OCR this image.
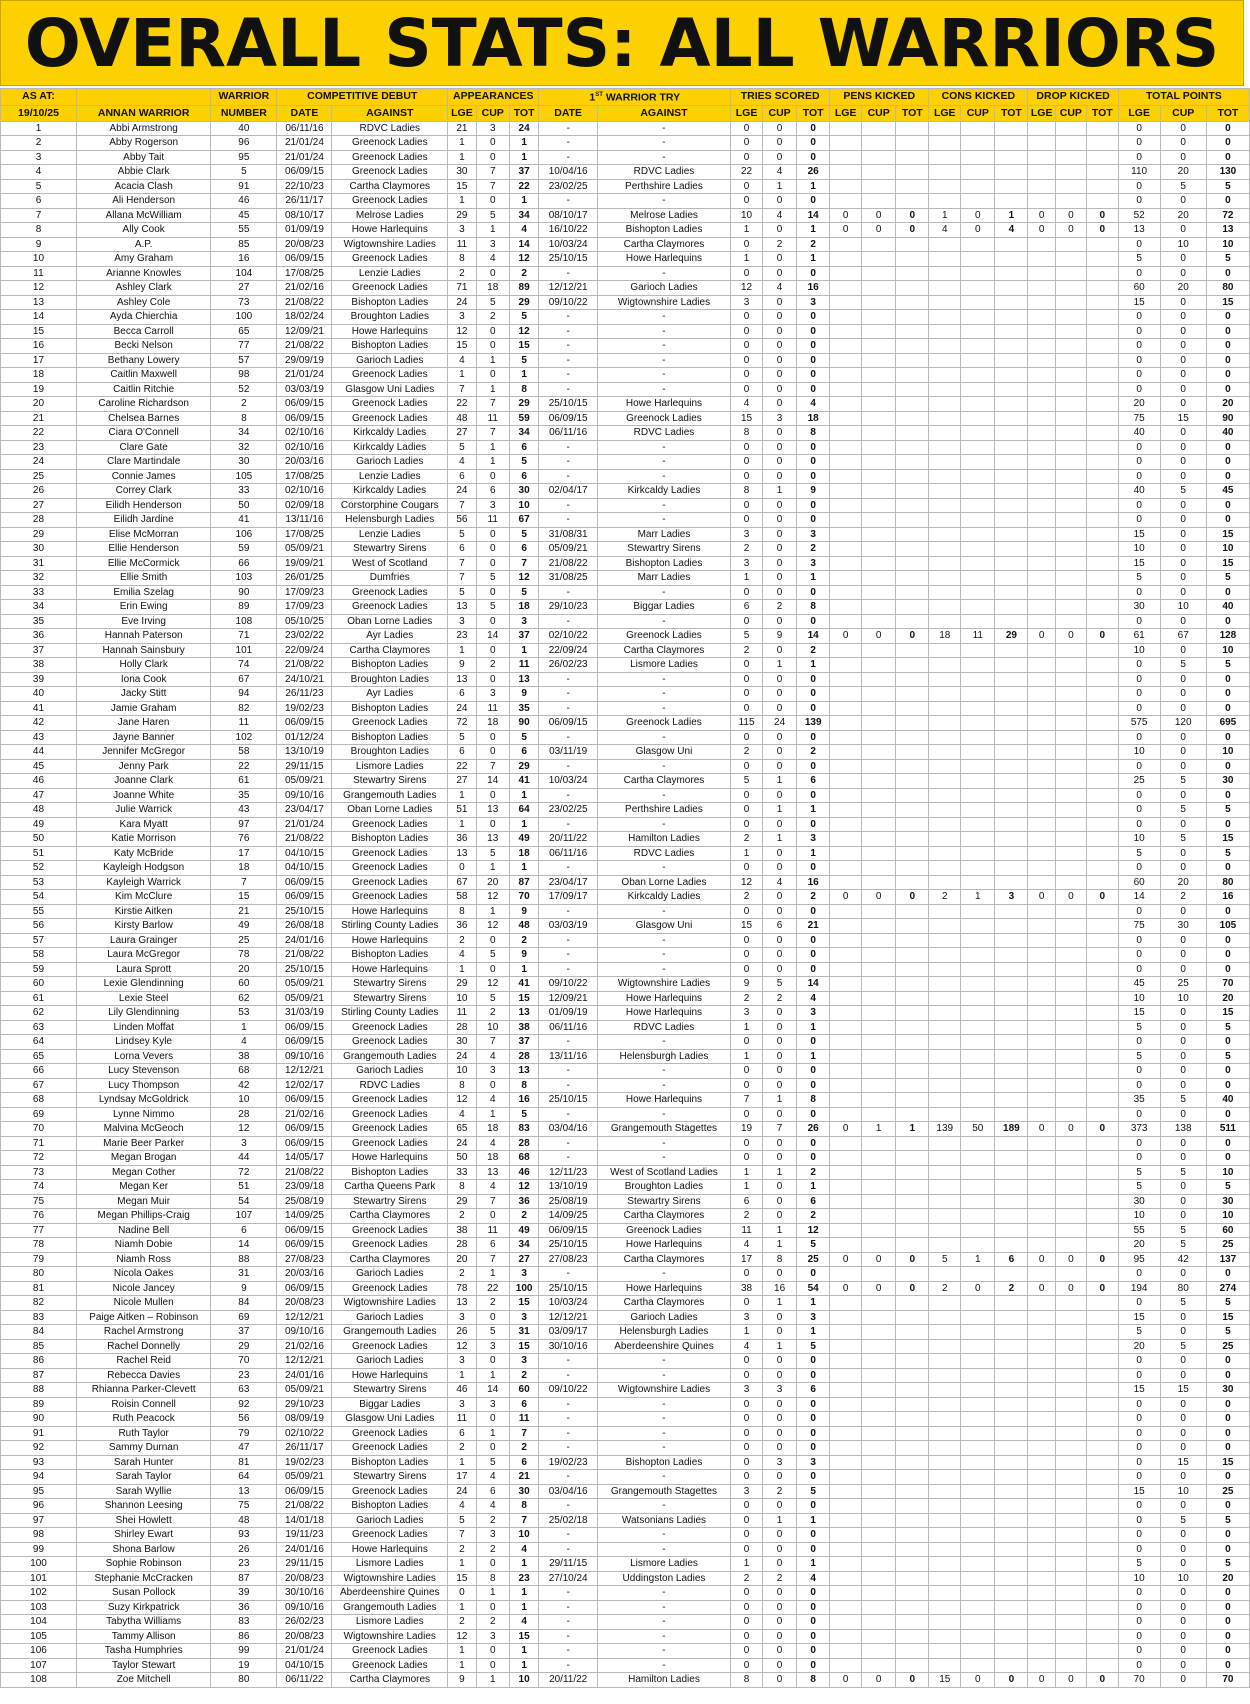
OVERALL STATS: ALL WARRIORS
AS AT:		WARRIOR	COMPETITIVE DEBUT		APPEARANCES			1ST WARRIOR TRY		TRIES SCORED			PENS KICKED			CONS KICKED			DROP KICKED			TOTAL POINTS		
19/10/25	ANNAN WARRIOR	NUMBER	DATE	AGAINST	LGE	CUP	TOT	DATE	AGAINST	LGE	CUP	TOT	LGE	CUP	TOT	LGE	CUP	TOT	LGE	CUP	TOT	LGE	CUP	TOT
1	Abbi Armstrong	40	06/11/16	RDVC Ladies	21	3	24	-	-	0	0	0										0	0	0
2	Abby Rogerson	96	21/01/24	Greenock Ladies	1	0	1	-	-	0	0	0										0	0	0
3	Abby Tait	95	21/01/24	Greenock Ladies	1	0	1	-	-	0	0	0										0	0	0
4	Abbie Clark	5	06/09/15	Greenock Ladies	30	7	37	10/04/16	RDVC Ladies	22	4	26										110	20	130
5	Acacia Clash	91	22/10/23	Cartha Claymores	15	7	22	23/02/25	Perthshire Ladies	0	1	1										0	5	5
6	Ali Henderson	46	26/11/17	Greenock Ladies	1	0	1	-	-	0	0	0										0	0	0
7	Allana McWilliam	45	08/10/17	Melrose Ladies	29	5	34	08/10/17	Melrose Ladies	10	4	14	0	0	0	1	0	1	0	0	0	52	20	72
8	Ally Cook	55	01/09/19	Howe Harlequins	3	1	4	16/10/22	Bishopton Ladies	1	0	1	0	0	0	4	0	4	0	0	0	13	0	13
9	A.P.	85	20/08/23	Wigtownshire Ladies	11	3	14	10/03/24	Cartha Claymores	0	2	2										0	10	10
10	Amy Graham	16	06/09/15	Greenock Ladies	8	4	12	25/10/15	Howe Harlequins	1	0	1										5	0	5
11	Arianne Knowles	104	17/08/25	Lenzie Ladies	2	0	2	-	-	0	0	0										0	0	0
12	Ashley Clark	27	21/02/16	Greenock Ladies	71	18	89	12/12/21	Garioch Ladies	12	4	16										60	20	80
13	Ashley Cole	73	21/08/22	Bishopton Ladies	24	5	29	09/10/22	Wigtownshire Ladies	3	0	3										15	0	15
14	Ayda Chierchia	100	18/02/24	Broughton Ladies	3	2	5	-	-	0	0	0										0	0	0
15	Becca Carroll	65	12/09/21	Howe Harlequins	12	0	12	-	-	0	0	0										0	0	0
16	Becki Nelson	77	21/08/22	Bishopton Ladies	15	0	15	-	-	0	0	0										0	0	0
17	Bethany Lowery	57	29/09/19	Garioch Ladies	4	1	5	-	-	0	0	0										0	0	0
18	Caitlin Maxwell	98	21/01/24	Greenock Ladies	1	0	1	-	-	0	0	0										0	0	0
19	Caitlin Ritchie	52	03/03/19	Glasgow Uni Ladies	7	1	8	-	-	0	0	0										0	0	0
20	Caroline Richardson	2	06/09/15	Greenock Ladies	22	7	29	25/10/15	Howe Harlequins	4	0	4										20	0	20
21	Chelsea Barnes	8	06/09/15	Greenock Ladies	48	11	59	06/09/15	Greenock Ladies	15	3	18										75	15	90
22	Ciara O'Connell	34	02/10/16	Kirkcaldy Ladies	27	7	34	06/11/16	RDVC Ladies	8	0	8										40	0	40
23	Clare Gate	32	02/10/16	Kirkcaldy Ladies	5	1	6	-	-	0	0	0										0	0	0
24	Clare Martindale	30	20/03/16	Garioch Ladies	4	1	5	-	-	0	0	0										0	0	0
25	Connie James	105	17/08/25	Lenzie Ladies	6	0	6	-	-	0	0	0										0	0	0
26	Correy Clark	33	02/10/16	Kirkcaldy Ladies	24	6	30	02/04/17	Kirkcaldy Ladies	8	1	9										40	5	45
27	Eilidh Henderson	50	02/09/18	Corstorphine Cougars	7	3	10	-	-	0	0	0										0	0	0
28	Eilidh Jardine	41	13/11/16	Helensburgh Ladies	56	11	67	-	-	0	0	0										0	0	0
29	Elise McMorran	106	17/08/25	Lenzie Ladies	5	0	5	31/08/31	Marr Ladies	3	0	3										15	0	15
30	Ellie Henderson	59	05/09/21	Stewartry Sirens	6	0	6	05/09/21	Stewartry Sirens	2	0	2										10	0	10
31	Ellie McCormick	66	19/09/21	West of Scotland	7	0	7	21/08/22	Bishopton Ladies	3	0	3										15	0	15
32	Ellie Smith	103	26/01/25	Dumfries	7	5	12	31/08/25	Marr Ladies	1	0	1										5	0	5
33	Emilia Szelag	90	17/09/23	Greenock Ladies	5	0	5	-	-	0	0	0										0	0	0
34	Erin Ewing	89	17/09/23	Greenock Ladies	13	5	18	29/10/23	Biggar Ladies	6	2	8										30	10	40
35	Eve Irving	108	05/10/25	Oban Lorne Ladies	3	0	3	-	-	0	0	0										0	0	0
36	Hannah Paterson	71	23/02/22	Ayr Ladies	23	14	37	02/10/22	Greenock Ladies	5	9	14	0	0	0	18	11	29	0	0	0	61	67	128
37	Hannah Sainsbury	101	22/09/24	Cartha Claymores	1	0	1	22/09/24	Cartha Claymores	2	0	2										10	0	10
38	Holly Clark	74	21/08/22	Bishopton Ladies	9	2	11	26/02/23	Lismore Ladies	0	1	1										0	5	5
39	Iona Cook	67	24/10/21	Broughton Ladies	13	0	13	-	-	0	0	0										0	0	0
40	Jacky Stitt	94	26/11/23	Ayr Ladies	6	3	9	-	-	0	0	0										0	0	0
41	Jamie Graham	82	19/02/23	Bishopton Ladies	24	11	35	-	-	0	0	0										0	0	0
42	Jane Haren	11	06/09/15	Greenock Ladies	72	18	90	06/09/15	Greenock Ladies	115	24	139										575	120	695
43	Jayne Banner	102	01/12/24	Bishopton Ladies	5	0	5	-	-	0	0	0										0	0	0
44	Jennifer McGregor	58	13/10/19	Broughton Ladies	6	0	6	03/11/19	Glasgow Uni	2	0	2										10	0	10
45	Jenny Park	22	29/11/15	Lismore Ladies	22	7	29	-	-	0	0	0										0	0	0
46	Joanne Clark	61	05/09/21	Stewartry Sirens	27	14	41	10/03/24	Cartha Claymores	5	1	6										25	5	30
47	Joanne White	35	09/10/16	Grangemouth Ladies	1	0	1	-	-	0	0	0										0	0	0
48	Julie Warrick	43	23/04/17	Oban Lorne Ladies	51	13	64	23/02/25	Perthshire Ladies	0	1	1										0	5	5
49	Kara Myatt	97	21/01/24	Greenock Ladies	1	0	1	-	-	0	0	0										0	0	0
50	Katie Morrison	76	21/08/22	Bishopton Ladies	36	13	49	20/11/22	Hamilton Ladies	2	1	3										10	5	15
51	Katy McBride	17	04/10/15	Greenock Ladies	13	5	18	06/11/16	RDVC Ladies	1	0	1										5	0	5
52	Kayleigh Hodgson	18	04/10/15	Greenock Ladies	0	1	1	-	-	0	0	0										0	0	0
53	Kayleigh Warrick	7	06/09/15	Greenock Ladies	67	20	87	23/04/17	Oban Lorne Ladies	12	4	16										60	20	80
54	Kim McClure	15	06/09/15	Greenock Ladies	58	12	70	17/09/17	Kirkcaldy Ladies	2	0	2	0	0	0	2	1	3	0	0	0	14	2	16
55	Kirstie Aitken	21	25/10/15	Howe Harlequins	8	1	9	-	-	0	0	0										0	0	0
56	Kirsty Barlow	49	26/08/18	Stirling County Ladies	36	12	48	03/03/19	Glasgow Uni	15	6	21										75	30	105
57	Laura Grainger	25	24/01/16	Howe Harlequins	2	0	2	-	-	0	0	0										0	0	0
58	Laura McGregor	78	21/08/22	Bishopton Ladies	4	5	9	-	-	0	0	0										0	0	0
59	Laura Sprott	20	25/10/15	Howe Harlequins	1	0	1	-	-	0	0	0										0	0	0
60	Lexie Glendinning	60	05/09/21	Stewartry Sirens	29	12	41	09/10/22	Wigtownshire Ladies	9	5	14										45	25	70
61	Lexie Steel	62	05/09/21	Stewartry Sirens	10	5	15	12/09/21	Howe Harlequins	2	2	4										10	10	20
62	Lily Glendinning	53	31/03/19	Stirling County Ladies	11	2	13	01/09/19	Howe Harlequins	3	0	3										15	0	15
63	Linden Moffat	1	06/09/15	Greenock Ladies	28	10	38	06/11/16	RDVC Ladies	1	0	1										5	0	5
64	Lindsey Kyle	4	06/09/15	Greenock Ladies	30	7	37	-	-	0	0	0										0	0	0
65	Lorna Vevers	38	09/10/16	Grangemouth Ladies	24	4	28	13/11/16	Helensburgh Ladies	1	0	1										5	0	5
66	Lucy Stevenson	68	12/12/21	Garioch Ladies	10	3	13	-	-	0	0	0										0	0	0
67	Lucy Thompson	42	12/02/17	RDVC Ladies	8	0	8	-	-	0	0	0										0	0	0
68	Lyndsay McGoldrick	10	06/09/15	Greenock Ladies	12	4	16	25/10/15	Howe Harlequins	7	1	8										35	5	40
69	Lynne Nimmo	28	21/02/16	Greenock Ladies	4	1	5	-	-	0	0	0										0	0	0
70	Malvina McGeoch	12	06/09/15	Greenock Ladies	65	18	83	03/04/16	Grangemouth Stagettes	19	7	26	0	1	1	139	50	189	0	0	0	373	138	511
71	Marie Beer Parker	3	06/09/15	Greenock Ladies	24	4	28	-	-	0	0	0										0	0	0
72	Megan Brogan	44	14/05/17	Howe Harlequins	50	18	68	-	-	0	0	0										0	0	0
73	Megan Cother	72	21/08/22	Bishopton Ladies	33	13	46	12/11/23	West of Scotland Ladies	1	1	2										5	5	10
74	Megan Ker	51	23/09/18	Cartha Queens Park	8	4	12	13/10/19	Broughton Ladies	1	0	1										5	0	5
75	Megan Muir	54	25/08/19	Stewartry Sirens	29	7	36	25/08/19	Stewartry Sirens	6	0	6										30	0	30
76	Megan Phillips-Craig	107	14/09/25	Cartha Claymores	2	0	2	14/09/25	Cartha Claymores	2	0	2										10	0	10
77	Nadine Bell	6	06/09/15	Greenock Ladies	38	11	49	06/09/15	Greenock Ladies	11	1	12										55	5	60
78	Niamh Dobie	14	06/09/15	Greenock Ladies	28	6	34	25/10/15	Howe Harlequins	4	1	5										20	5	25
79	Niamh Ross	88	27/08/23	Cartha Claymores	20	7	27	27/08/23	Cartha Claymores	17	8	25	0	0	0	5	1	6	0	0	0	95	42	137
80	Nicola Oakes	31	20/03/16	Garioch Ladies	2	1	3	-	-	0	0	0										0	0	0
81	Nicole Jancey	9	06/09/15	Greenock Ladies	78	22	100	25/10/15	Howe Harlequins	38	16	54	0	0	0	2	0	2	0	0	0	194	80	274
82	Nicole Mullen	84	20/08/23	Wigtownshire Ladies	13	2	15	10/03/24	Cartha Claymores	0	1	1										0	5	5
83	Paige Aitken – Robinson	69	12/12/21	Garioch Ladies	3	0	3	12/12/21	Garioch Ladies	3	0	3										15	0	15
84	Rachel Armstrong	37	09/10/16	Grangemouth Ladies	26	5	31	03/09/17	Helensburgh Ladies	1	0	1										5	0	5
85	Rachel Donnelly	29	21/02/16	Greenock Ladies	12	3	15	30/10/16	Aberdeenshire Quines	4	1	5										20	5	25
86	Rachel Reid	70	12/12/21	Garioch Ladies	3	0	3	-	-	0	0	0										0	0	0
87	Rebecca Davies	23	24/01/16	Howe Harlequins	1	1	2	-	-	0	0	0										0	0	0
88	Rhianna Parker-Clevett	63	05/09/21	Stewartry Sirens	46	14	60	09/10/22	Wigtownshire Ladies	3	3	6										15	15	30
89	Roisin Connell	92	29/10/23	Biggar Ladies	3	3	6	-	-	0	0	0										0	0	0
90	Ruth Peacock	56	08/09/19	Glasgow Uni Ladies	11	0	11	-	-	0	0	0										0	0	0
91	Ruth Taylor	79	02/10/22	Greenock Ladies	6	1	7	-	-	0	0	0										0	0	0
92	Sammy Durnan	47	26/11/17	Greenock Ladies	2	0	2	-	-	0	0	0										0	0	0
93	Sarah Hunter	81	19/02/23	Bishopton Ladies	1	5	6	19/02/23	Bishopton Ladies	0	3	3										0	15	15
94	Sarah Taylor	64	05/09/21	Stewartry Sirens	17	4	21	-	-	0	0	0										0	0	0
95	Sarah Wyllie	13	06/09/15	Greenock Ladies	24	6	30	03/04/16	Grangemouth Stagettes	3	2	5										15	10	25
96	Shannon Leesing	75	21/08/22	Bishopton Ladies	4	4	8	-	-	0	0	0										0	0	0
97	Shei Howlett	48	14/01/18	Garioch Ladies	5	2	7	25/02/18	Watsonians Ladies	0	1	1										0	5	5
98	Shirley Ewart	93	19/11/23	Greenock Ladies	7	3	10	-	-	0	0	0										0	0	0
99	Shona Barlow	26	24/01/16	Howe Harlequins	2	2	4	-	-	0	0	0										0	0	0
100	Sophie Robinson	23	29/11/15	Lismore Ladies	1	0	1	29/11/15	Lismore Ladies	1	0	1										5	0	5
101	Stephanie McCracken	87	20/08/23	Wigtownshire Ladies	15	8	23	27/10/24	Uddingston Ladies	2	2	4										10	10	20
102	Susan Pollock	39	30/10/16	Aberdeenshire Quines	0	1	1	-	-	0	0	0										0	0	0
103	Suzy Kirkpatrick	36	09/10/16	Grangemouth Ladies	1	0	1	-	-	0	0	0										0	0	0
104	Tabytha Williams	83	26/02/23	Lismore Ladies	2	2	4	-	-	0	0	0										0	0	0
105	Tammy Allison	86	20/08/23	Wigtownshire Ladies	12	3	15	-	-	0	0	0										0	0	0
106	Tasha Humphries	99	21/01/24	Greenock Ladies	1	0	1	-	-	0	0	0										0	0	0
107	Taylor Stewart	19	04/10/15	Greenock Ladies	1	0	1	-	-	0	0	0										0	0	0
108	Zoe Mitchell	80	06/11/22	Cartha Claymores	9	1	10	20/11/22	Hamilton Ladies	8	0	8	0	0	0	15	0	0	0	0	0	70	0	70
